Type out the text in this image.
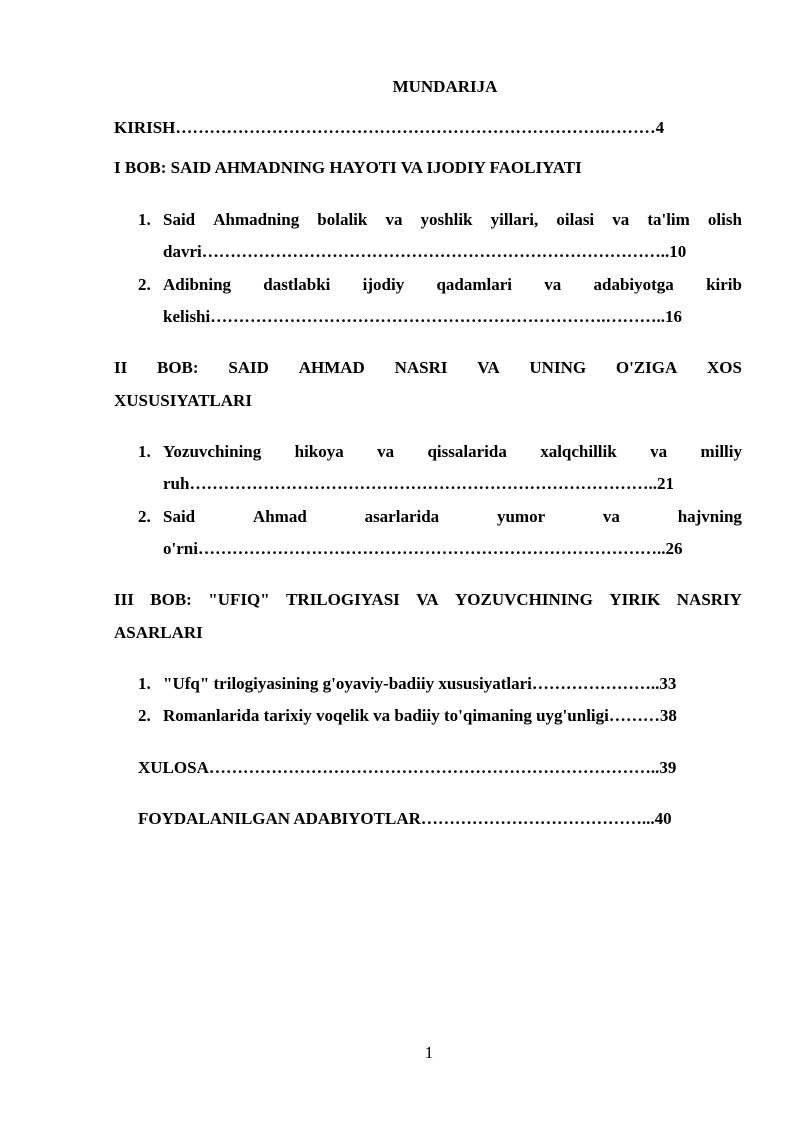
MUNDARIJA
KIRISH………………………………………………………………….………4
I BOB: SAID AHMADNING HAYOTI VA IJODIY FAOLIYATI
1. Said Ahmadning bolalik va yoshlik yillari, oilasi va ta'lim olish
davri………………………………………………………………………..10
2. Adibning dastlabki ijodiy qadamlari va adabiyotga kirib
kelishi…………………………………………………………….………..16
II BOB: SAID AHMAD NASRI VA UNING O'ZIGA XOS
XUSUSIYATLARI
1. Yozuvchining hikoya va qissalarida xalqchillik va milliy
ruh………………………………………………………………………..21
2. Said	Ahmad	asarlarida	yumor	va	hajvning
o'rni………………………………………………………………………..26
III BOB: "UFIQ" TRILOGIYASI VA YOZUVCHINING YIRIK NASRIY
ASARLARI
1. "Ufq" trilogiyasining g'oyaviy-badiiy xususiyatlari…………………..33
2. Romanlarida tarixiy voqelik va badiiy to'qimaning uyg'unligi………38
XULOSA……………………………………………………………………..39
FOYDALANILGAN ADABIYOTLAR…………………………………...40
1
